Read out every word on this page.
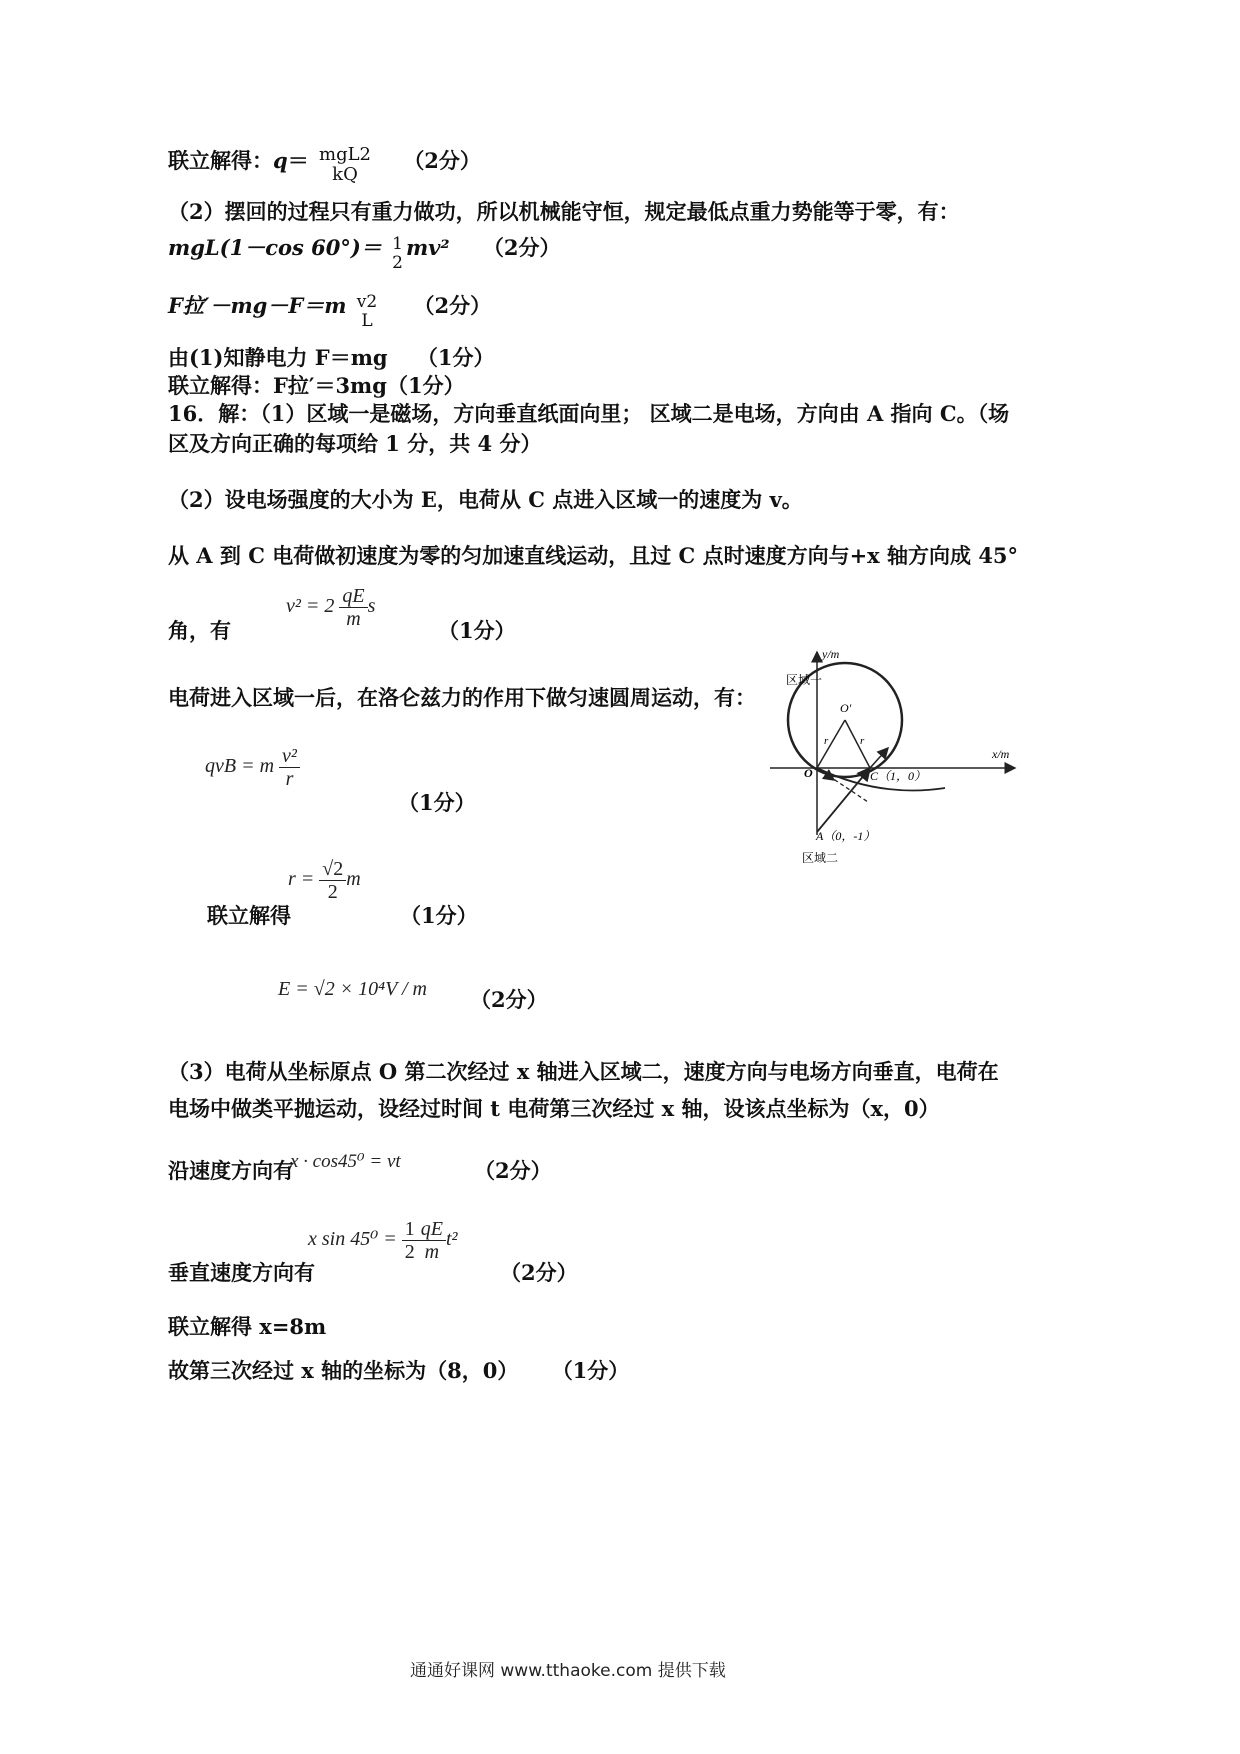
联立解得：q＝ mgL2
kQ
（2分）
（2）摆回的过程只有重力做功，所以机械能守恒，规定最低点重力势能等于零，有：
mgL(1－cos 60°)＝ 1
2
mv² （2分）
F拉′－mg－F＝m v2
L
（2分）
由(1)知静电力 F＝mg （1分）
联立解得：F拉′＝3mg（1分）
16．解：（1）区域一是磁场，方向垂直纸面向里； 区域二是电场，方向由 A 指向 C。（场
区及方向正确的每项给 1 分，共 4 分）
（2）设电场强度的大小为 E，电荷从 C 点进入区域一的速度为 v。
从 A 到 C 电荷做初速度为零的匀加速直线运动，且过 C 点时速度方向与+x 轴方向成 45°
角，有
$v^2 = 2 \frac{qE}{m}$ s
（1分）
电荷进入区域一后，在洛仑兹力的作用下做匀速圆周运动，有：
qvB = m $\frac{\text{v²}}{r}$
（1分）
联立解得
$r = \frac{√2}{2}$ m
（1分）
E = √2 × 10⁴V / m （2分）
（3）电荷从坐标原点 O 第二次经过 x 轴进入区域二，速度方向与电场方向垂直，电荷在
电场中做类平抛运动，设经过时间 t 电荷第三次经过 x 轴，设该点坐标为（x，0）
沿速度方向有
x · cos45⁰ = vt	（2分）
垂直速度方向有
x $\sin 45^0 = \frac{1}{2} \frac{qE}{m} t^2$
（2分）
联立解得 x=8m
故第三次经过 x 轴的坐标为（8，0） （1分）
y/m
x/m
区域一
区域二
O′
O	C（1，0）
A（0，-1）
r	r
通通好课网 www.tthaoke.com 提供下载
